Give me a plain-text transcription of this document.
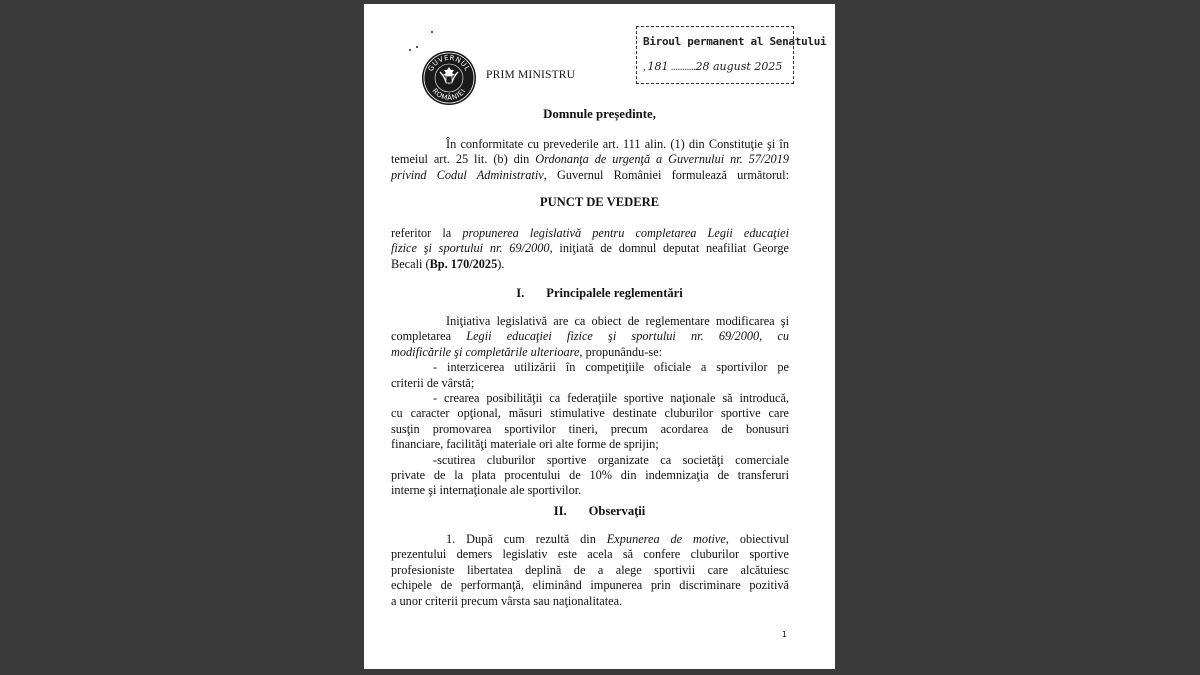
GUVERNUL
ROMÂNIEI
PRIM MINISTRU
Biroul permanent al Senatului
, 181 ...........28 august 2025
Domnule președinte,
În conformitate cu prevederile art. 111 alin. (1) din Constituţie şi în
temeiul art. 25 lit. (b) din Ordonanţa de urgenţă a Guvernului nr. 57/2019
privind Codul Administrativ, Guvernul României formulează următorul:
PUNCT DE VEDERE
referitor la propunerea legislativă pentru completarea Legii educaţiei
fizice şi sportului nr. 69/2000, iniţiată de domnul deputat neafiliat George
Becali (Bp. 170/2025).
I. Principalele reglementări
Iniţiativa legislativă are ca obiect de reglementare modificarea şi
completarea Legii educaţiei fizice şi sportului nr. 69/2000, cu
modificările şi completările ulterioare, propunându-se:
- interzicerea utilizării în competiţiile oficiale a sportivilor pe
criterii de vârstă;
- crearea posibilităţii ca federaţiile sportive naţionale să introducă,
cu caracter opţional, măsuri stimulative destinate cluburilor sportive care
susţin promovarea sportivilor tineri, precum acordarea de bonusuri
financiare, facilităţi materiale ori alte forme de sprijin;
-scutirea cluburilor sportive organizate ca societăţi comerciale
private de la plata procentului de 10% din indemnizaţia de transferuri
interne şi internaţionale ale sportivilor.
II. Observaţii
1. După cum rezultă din Expunerea de motive, obiectivul
prezentului demers legislativ este acela să confere cluburilor sportive
profesioniste libertatea deplină de a alege sportivii care alcătuiesc
echipele de performanţă, eliminând impunerea prin discriminare pozitivă
a unor criterii precum vârsta sau naţionalitatea.
1
